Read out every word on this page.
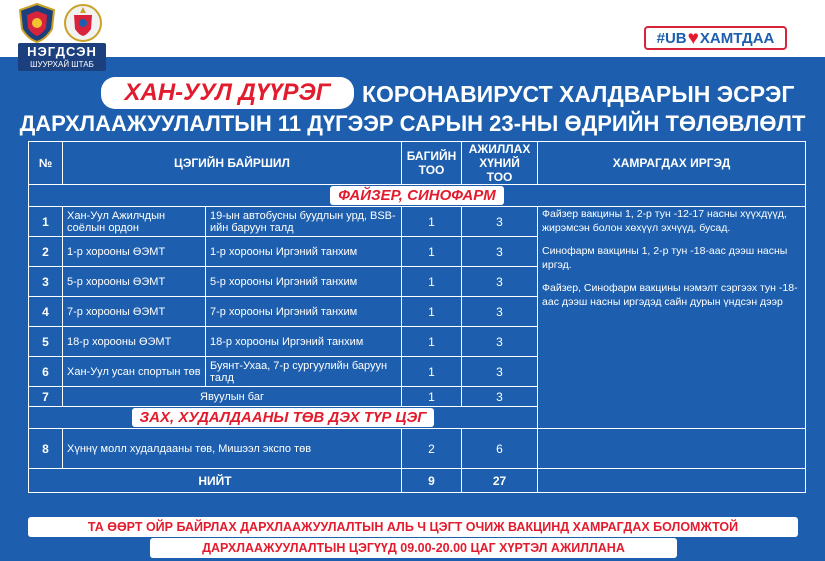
НЭГДСЭН
ШУУРХАЙ ШТАБ
#UB ♥ ХАМТДАА
ХАН-УУЛ ДҮҮРЭГ	КОРОНАВИРУСТ ХАЛДВАРЫН ЭСРЭГ
ДАРХЛААЖУУЛАЛТЫН 11 ДҮГЭЭР САРЫН 23-НЫ ӨДРИЙН ТӨЛӨВЛӨЛТ
№	ЦЭГИЙН БАЙРШИЛ		БАГИЙН ТОО	АЖИЛЛАХ ХҮНИЙ ТОО	ХАМРАГДАХ ИРГЭД
ФАЙЗЕР, СИНОФАРМ					
1	Хан-Уул Ажилчдын соёлын ордон	19-ын автобусны буудлын урд, BSB-ийн баруун талд	1	3	Файзер вакцины 1, 2-р тун -12-17 насны хүүхдүүд, жирэмсэн болон хөхүүл эхчүүд, бусад.

Синофарм вакцины 1, 2-р тун -18-аас дээш насны иргэд.

Файзер, Синофарм вакцины нэмэлт сэргээх тун -18-аас дээш насны иргэдэд сайн дурын үндсэн дээр

2	1-р хорооны ӨЭМТ	1-р хорооны Иргэний танхим	1	3	
3	5-р хорооны ӨЭМТ	5-р хорооны Иргэний танхим	1	3	
4	7-р хорооны ӨЭМТ	7-р хорооны Иргэний танхим	1	3	
5	18-р хорооны ӨЭМТ	18-р хорооны Иргэний танхим	1	3	
6	Хан-Уул усан спортын төв	Буянт-Ухаа, 7-р сургуулийн баруун талд	1	3	
7	Явуулын баг		1	3	
ЗАХ, ХУДАЛДААНЫ ТӨВ ДЭХ ТҮР ЦЭГ					
8	Хүннү молл худалдааны төв, Мишээл экспо төв		2	6	
НИЙТ			9	27	
ТА ӨӨРТ ОЙР БАЙРЛАХ ДАРХЛААЖУУЛАЛТЫН АЛЬ Ч ЦЭГТ ОЧИЖ ВАКЦИНД ХАМРАГДАХ БОЛОМЖТОЙ
ДАРХЛААЖУУЛАЛТЫН ЦЭГҮҮД 09.00-20.00 ЦАГ ХҮРТЭЛ АЖИЛЛАНА
